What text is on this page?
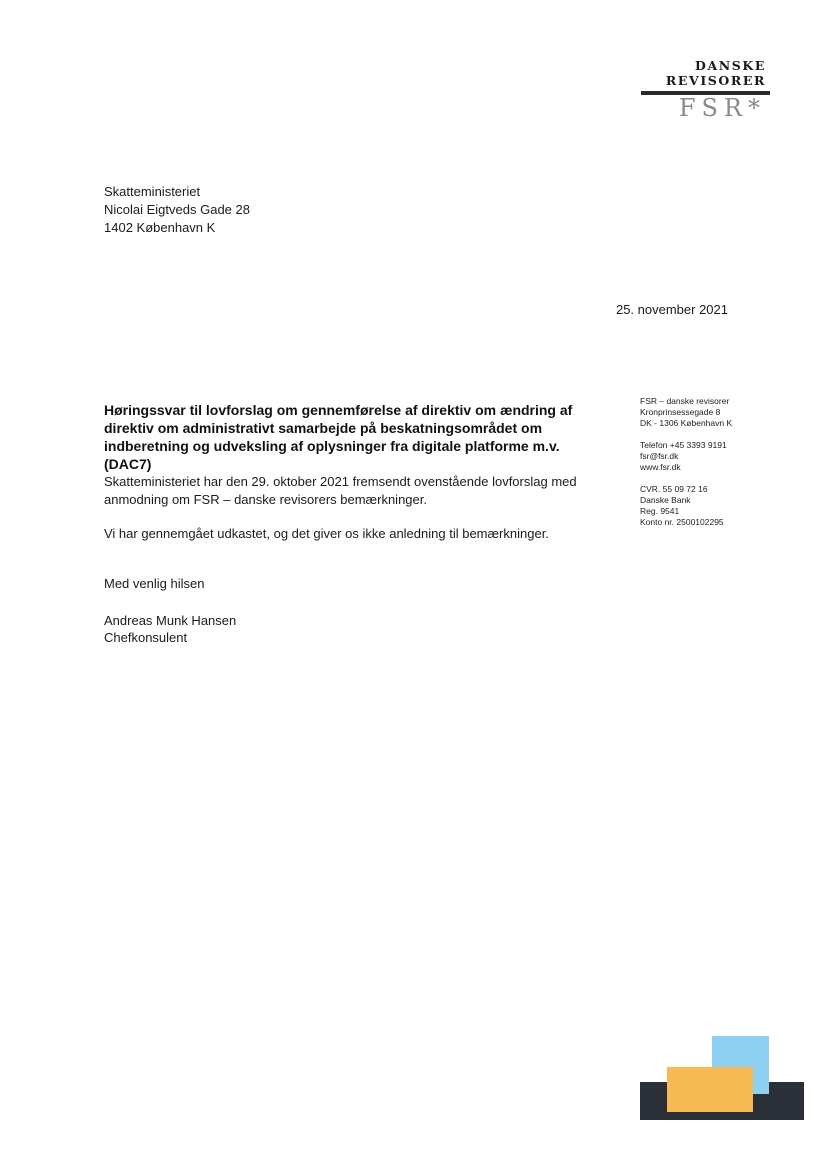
DANSKE
REVISORER
FSR*
Skatteministeriet
Nicolai Eigtveds Gade 28
1402 København K
25. november 2021
Høringssvar til lovforslag om gennemførelse af direktiv om ændring af direktiv om administrativt samarbejde på beskatningsområdet om indberetning og udveksling af oplysninger fra digitale platforme m.v. (DAC7)
Skatteministeriet har den 29. oktober 2021 fremsendt ovenstående lovforslag med anmodning om FSR – danske revisorers bemærkninger.
Vi har gennemgået udkastet, og det giver os ikke anledning til bemærkninger.
Med venlig hilsen
Andreas Munk Hansen
Chefkonsulent
FSR – danske revisorer
Kronprinsessegade 8
DK - 1306 København K
Telefon +45 3393 9191
fsr@fsr.dk
www.fsr.dk
CVR. 55 09 72 16
Danske Bank
Reg. 9541
Konto nr. 2500102295
